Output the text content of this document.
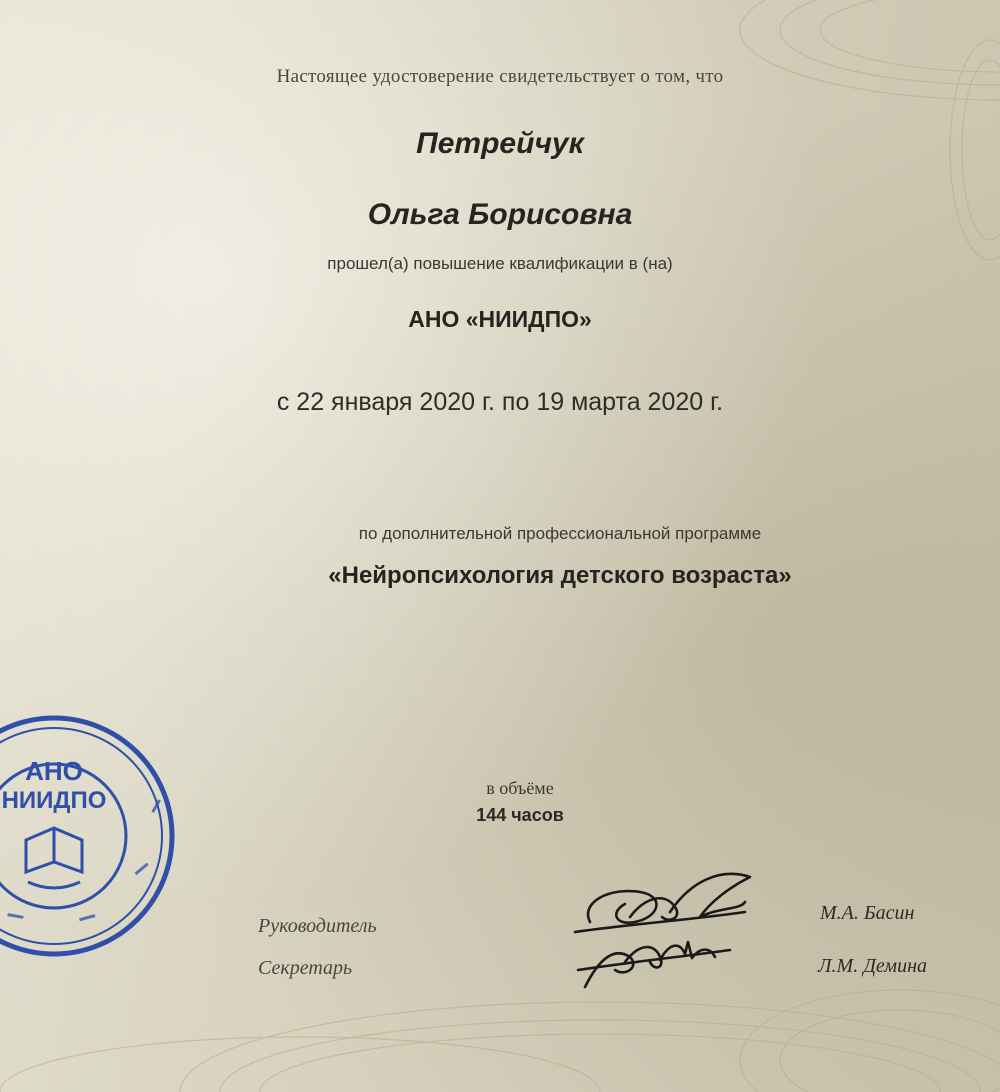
Настоящее удостоверение свидетельствует о том, что
Петрейчук
Ольга Борисовна
прошел(а) повышение квалификации в (на)
АНО «НИИДПО»
с 22 января 2020 г. по 19 марта 2020 г.
по дополнительной профессиональной программе
«Нейропсихология детского возраста»
в объёме
144 часов
АНО
НИИДПО
Руководитель
Секретарь
М.А. Басин
Л.М. Демина
